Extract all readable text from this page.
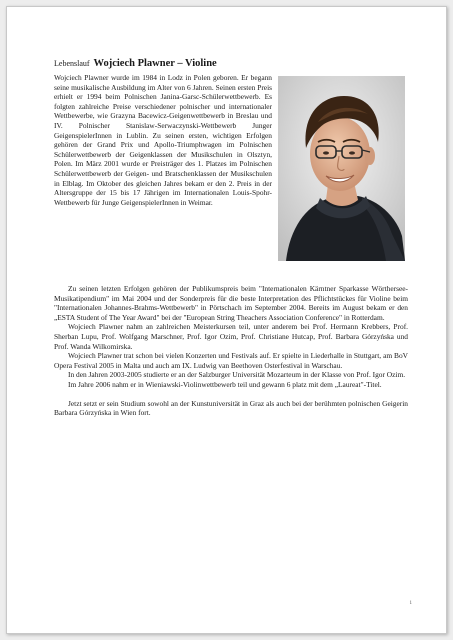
Lebenslauf Wojciech Plawner – Violine

Wojciech Plawner wurde im 1984 in Lodz in Polen geboren. Er begann seine musikalische Ausbildung im Alter von 6 Jahren. Seinen ersten Preis erhielt er 1994 beim Polnischen Janina-Garsc-Schülerwettbewerb. Es folgten zahlreiche Preise verschiedener polnischer und internationaler Wettbewerbe, wie Grazyna Bacewicz-Geigenwettbewerb in Breslau und IV. Polnischer Stanislaw-Serwaczynski-Wettbewerb Junger GeigenspielerInnen in Lublin. Zu seinen ersten, wichtigen Erfolgen gehören der Grand Prix und Apollo-Triumphwagen im Polnischen Schülerwettbewerb der Geigenklassen der Musikschulen in Olsztyn, Polen. Im März 2001 wurde er Preisträger des 1. Platzes im Polnischen Schülerwettbewerb der Geigen- und Bratschenklassen der Musikschulen in Elblag. Im Oktober des gleichen Jahres bekam er den 2. Preis in der Altersgruppe der 15 bis 17 Jährigen im Internationalen Louis-Spohr-Wettbewerb für Junge GeigenspielerInnen in Weimar.

Zu seinen letzten Erfolgen gehören der Publikumspreis beim "Internationalen Kärntner Sparkasse Wörthersee-Musikatipendium" im Mai 2004 und der Sonderpreis für die beste Interpretation des Pflichtstückes für Violine beim "Internationalen Johannes-Brahms-Wettbewerb" in Pörtschach im September 2004. Bereits im August bekam er den „ESTA Student of The Year Award" bei der "European String Theachers Association Conference" in Rotterdam.

Wojciech Plawner nahm an zahlreichen Meisterkursen teil, unter anderem bei Prof. Hermann Krebbers, Prof. Sherban Lupu, Prof. Wolfgang Marschner, Prof. Igor Ozim, Prof. Christiane Hutcap, Prof. Barbara Górzyńska und Prof. Wanda Wilkomirska.

Wojciech Plawner trat schon bei vielen Konzerten und Festivals auf. Er spielte in Liederhalle in Stuttgart, am BoV Opera Festival 2005 in Malta und auch am IX. Ludwig van Beethoven Osterfestival in Warschau.

In den Jahren 2003-2005 studierte er an der Salzburger Universität Mozarteum in der Klasse von Prof. Igor Ozim.

Im Jahre 2006 nahm er in Wieniawski-Violinwettbewerb teil und gewann 6 platz mit dem „Laureat"-Titel.

Jetzt setzt er sein Studium sowohl an der Kunstuniversität in Graz als auch bei der berühmten polnischen Geigerin Barbara Górzyńska in Wien fort.

1
